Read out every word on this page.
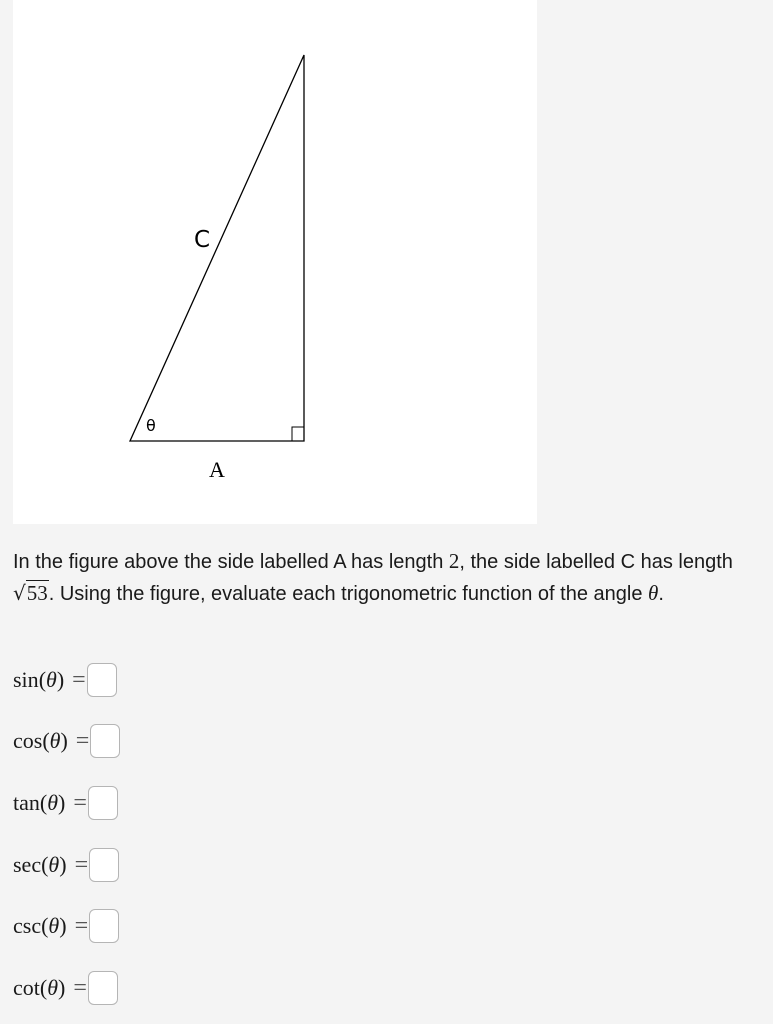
C
θ
A
In the figure above the side labelled A has length 2, the side labelled C has length √53. Using the figure, evaluate each trigonometric function of the angle θ.
sin(θ) =
cos(θ) =
tan(θ) =
sec(θ) =
csc(θ) =
cot(θ) =
